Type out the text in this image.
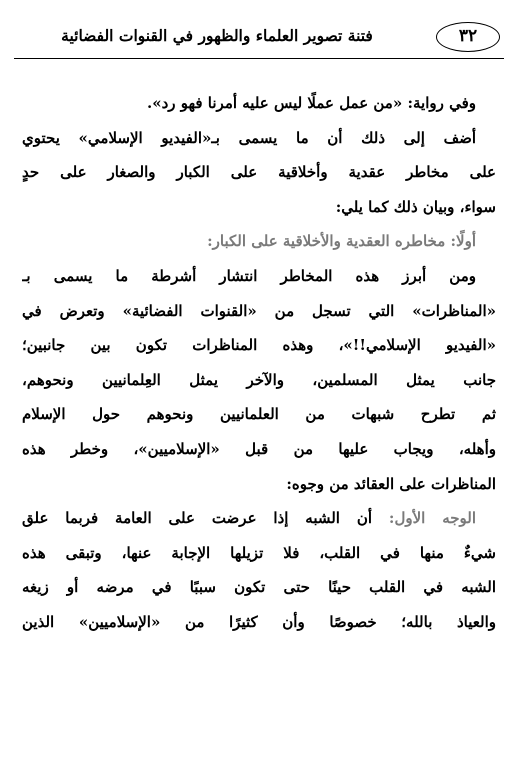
٣٢
فتنة تصوير العلماء والظهور في القنوات الفضائية
وفي رواية: «من عمل عملًا ليس عليه أمرنا فهو رد».
أضف إلى ذلك أن ما يسمى بـ«الفيديو الإسلامي» يحتوي
على مخاطر عقدية وأخلاقية على الكبار والصغار على حدٍ
سواء، وبيان ذلك كما يلي:
أولًا: مخاطره العقدية والأخلاقية على الكبار:
ومن أبرز هذه المخاطر انتشار أشرطة ما يسمى بـ
«المناظرات» التي تسجل من «القنوات الفضائية» وتعرض في
«الفيديو الإسلامي!!»، وهذه المناظرات تكون بين جانبين؛
جانب يمثل المسلمين، والآخر يمثل العِلمانيين ونحوهم،
ثم تطرح شبهات من العلمانيين ونحوهم حول الإسلام
وأهله، ويجاب عليها من قبل «الإسلاميين»، وخطر هذه
المناظرات على العقائد من وجوه:
الوجه الأول: أن الشبه إذا عرضت على العامة فربما علق
شيءٌ منها في القلب، فلا تزيلها الإجابة عنها، وتبقى هذه
الشبه في القلب حينًا حتى تكون سببًا في مرضه أو زيغه
والعياذ بالله؛ خصوصًا وأن كثيرًا من «الإسلاميين» الذين
